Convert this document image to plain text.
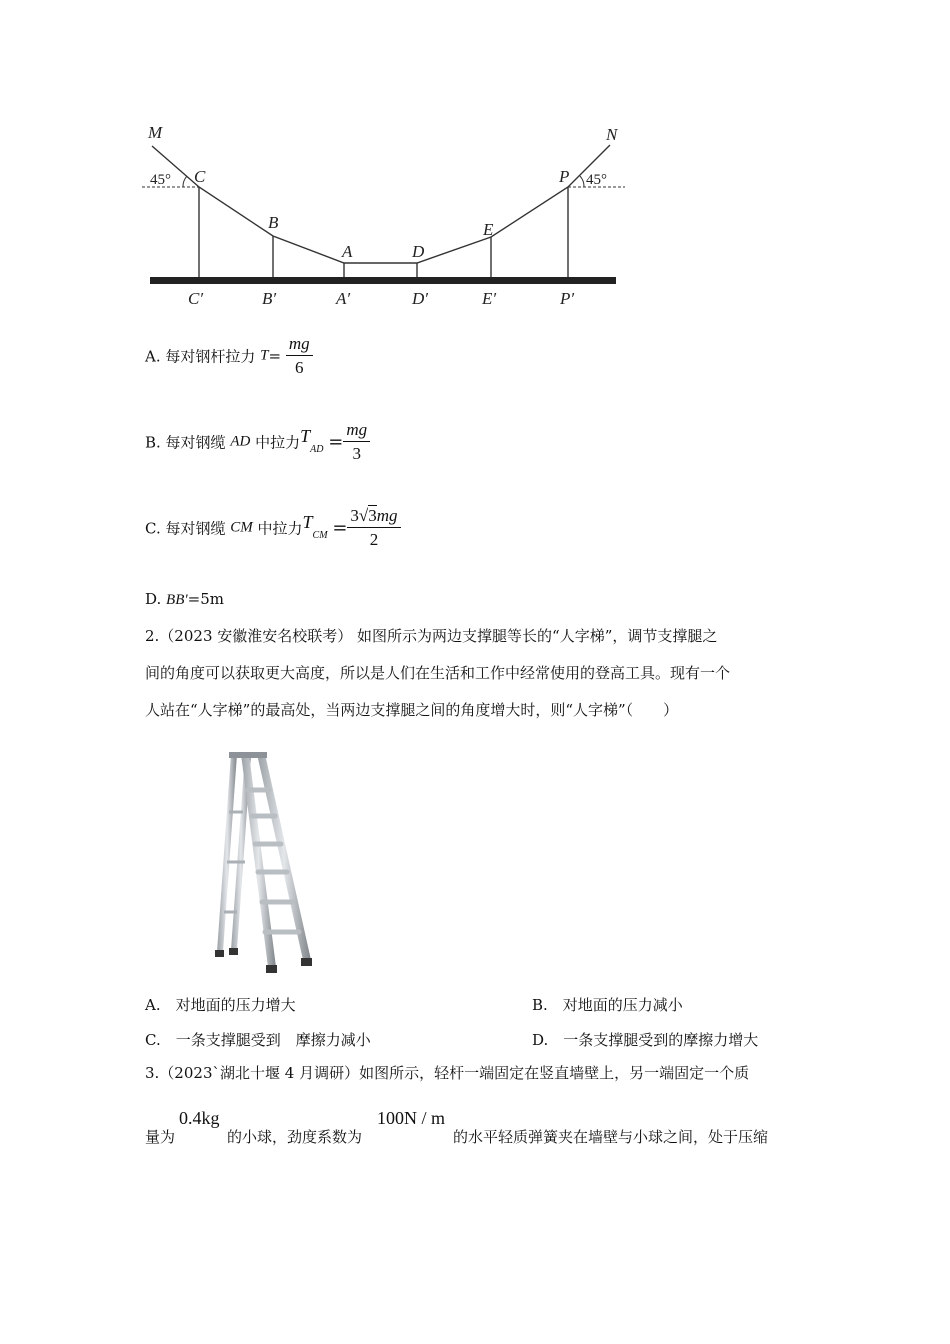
M	N
C
B
A	D
E
P
C′	B′	A′	D′	E′	P′
45°	45°
A. 每对钢杆拉力 $T= \frac{mg}{6}$
B. 每对钢缆 AD 中拉力$T_{AD} = \frac{mg}{3}$
C. 每对钢缆 CM 中拉力$T_{CM} = \frac{3√3mg}{2}$
D. BB′=5m
2.（2023 安徽淮安名校联考） 如图所示为两边支撑腿等长的“人字梯”，调节支撑腿之
间的角度可以获取更大高度，所以是人们在生活和工作中经常使用的登高工具。现有一个
人站在“人字梯”的最高处，当两边支撑腿之间的角度增大时，则“人字梯”（　　）
A.　对地面的压力增大	B.　对地面的压力减小
C.　一条支撑腿受到　摩擦力减小	D.　一条支撑腿受到的摩擦力增大
3.（2023`湖北十堰 4 月调研）如图所示，轻杆一端固定在竖直墙壁上，另一端固定一个质
量为
0.4kg
的小球，劲度系数为
100N / m
的水平轻质弹簧夹在墙壁与小球之间，处于压缩
